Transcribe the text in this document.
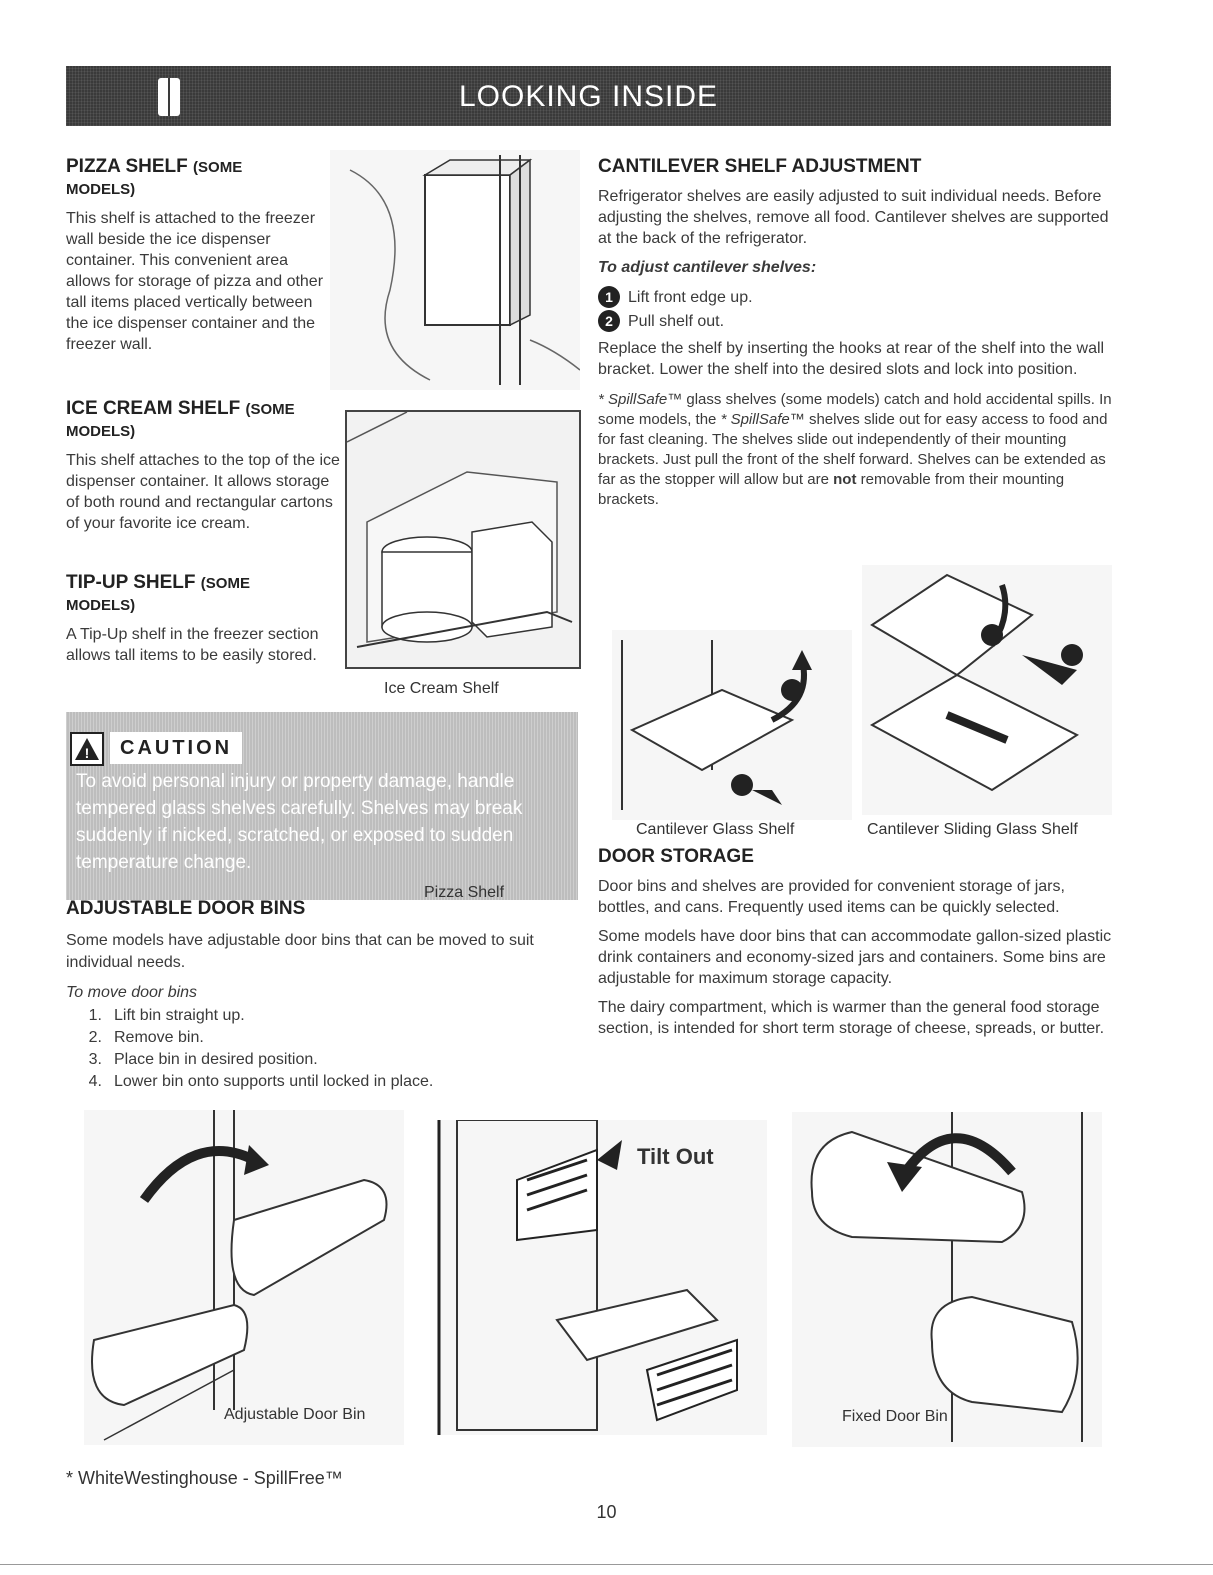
LOOKING INSIDE
PIZZA SHELF (SOME
MODELS)

This shelf is attached to the freezer wall beside the ice dispenser container. This convenient area allows for storage of pizza and other tall items placed vertically between the ice dispenser container and the freezer wall.

ICE CREAM SHELF (SOME
MODELS)

This shelf attaches to the top of the ice dispenser container. It allows storage of both round and rectangular cartons of your favorite ice cream.

Ice Cream Shelf
TIP-UP SHELF (SOME
MODELS)

A Tip-Up shelf in the freezer section allows tall items to be easily stored.

!	CAUTION
To avoid personal injury or property damage, handle tempered glass shelves carefully. Shelves may break suddenly if nicked, scratched, or exposed to sudden temperature change.
Pizza Shelf
ADJUSTABLE DOOR BINS

Some models have adjustable door bins that can be moved to suit individual needs.

To move door bins

1. Lift bin straight up.
2. Remove bin.
3. Place bin in desired position.
4. Lower bin onto supports until locked in place.
CANTILEVER SHELF ADJUSTMENT

Refrigerator shelves are easily adjusted to suit individual needs. Before adjusting the shelves, remove all food. Cantilever shelves are supported at the back of the refrigerator.

To adjust cantilever shelves:

1 Lift front edge up.
2 Pull shelf out.

Replace the shelf by inserting the hooks at rear of the shelf into the wall bracket. Lower the shelf into the desired slots and lock into position.

* SpillSafe™ glass shelves (some models) catch and hold accidental spills. In some models, the * SpillSafe™ shelves slide out for easy access to food and for fast cleaning. The shelves slide out independently of their mounting brackets. Just pull the front of the shelf forward. Shelves can be extended as far as the stopper will allow but are not removable from their mounting brackets.

Cantilever Glass Shelf	Cantilever Sliding Glass Shelf
DOOR STORAGE

Door bins and shelves are provided for convenient storage of jars, bottles, and cans. Frequently used items can be quickly selected.

Some models have door bins that can accommodate gallon-sized plastic drink containers and economy-sized jars and containers. Some bins are adjustable for maximum storage capacity.

The dairy compartment, which is warmer than the general food storage section, is intended for short term storage of cheese, spreads, or butter.

Adjustable Door Bin
Tilt Out
Fixed Door Bin
* WhiteWestinghouse - SpillFree™
10
